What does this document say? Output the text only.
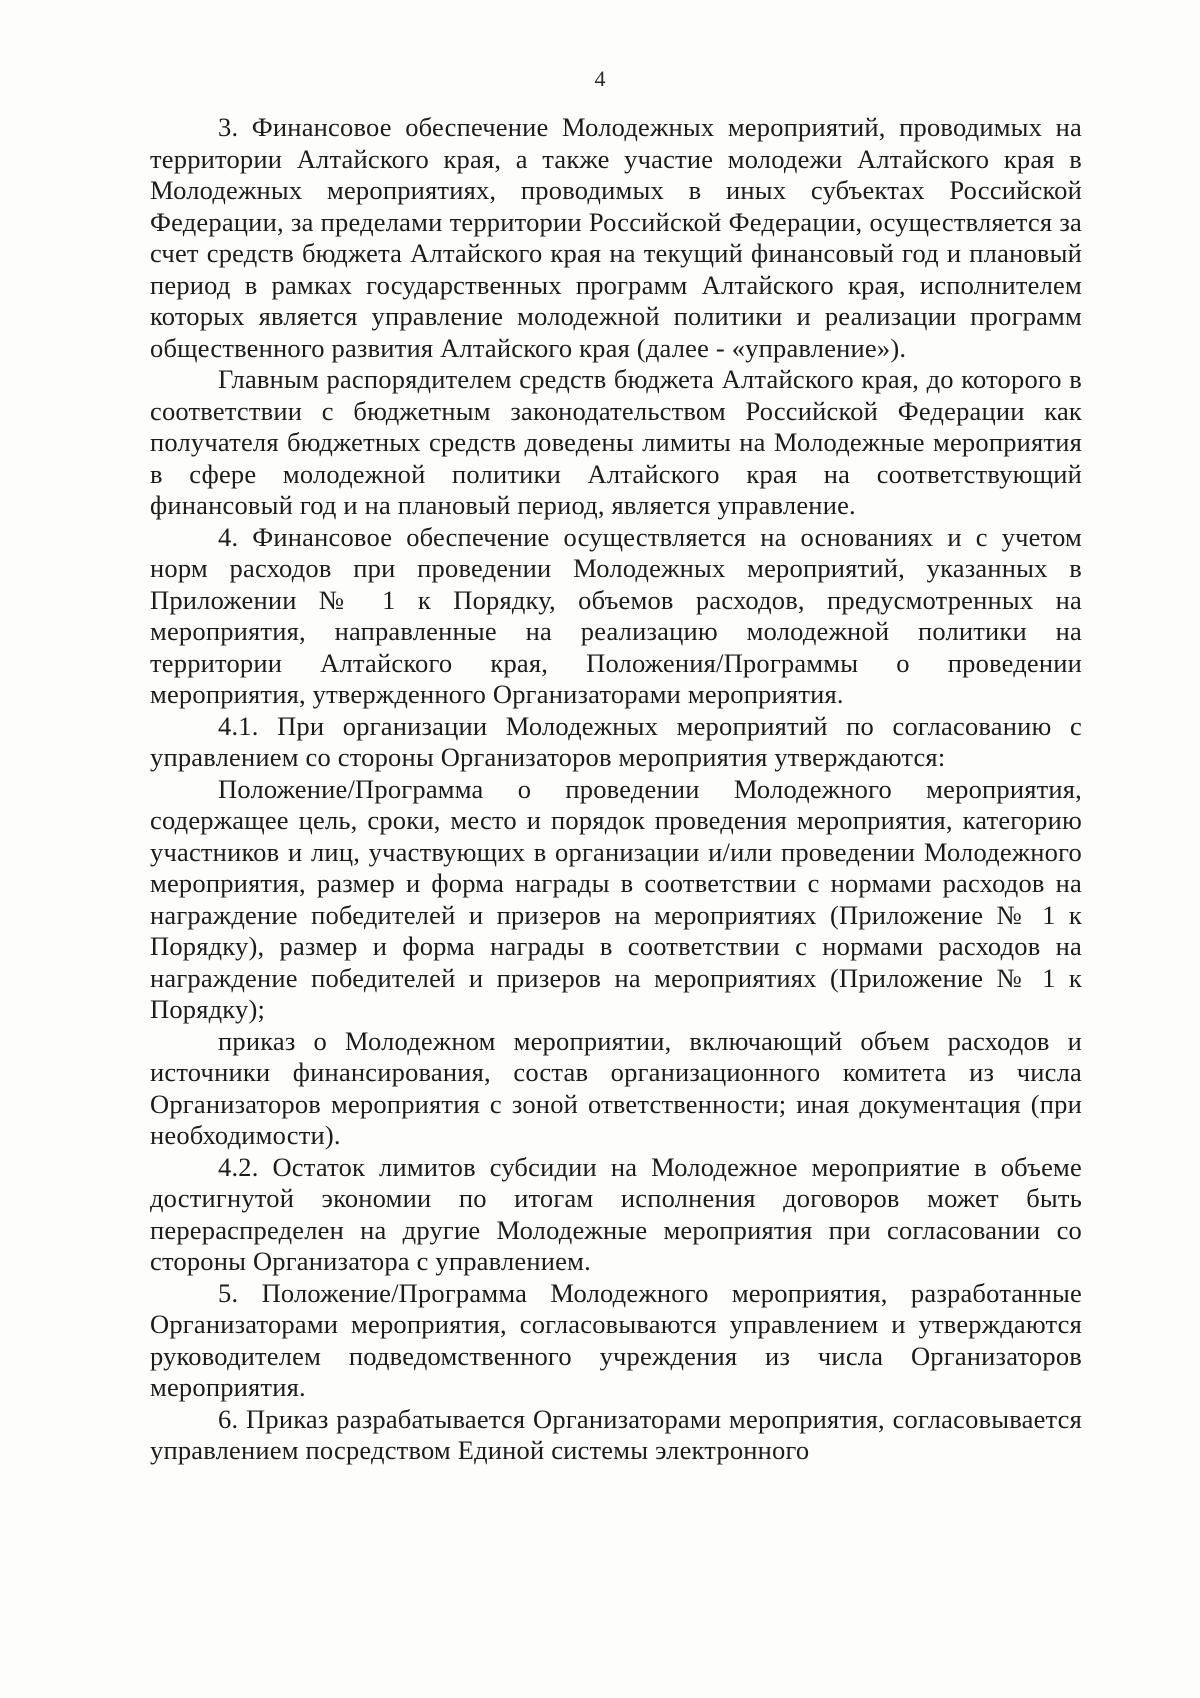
4

3. Финансовое обеспечение Молодежных мероприятий, проводимых на территории Алтайского края, а также участие молодежи Алтайского края в Молодежных мероприятиях, проводимых в иных субъектах Российской Федерации, за пределами территории Российской Федерации, осуществляется за счет средств бюджета Алтайского края на текущий финансовый год и плановый период в рамках государственных программ Алтайского края, исполнителем которых является управление молодежной политики и реализации программ общественного развития Алтайского края (далее - «управление»).

Главным распорядителем средств бюджета Алтайского края, до которого в соответствии с бюджетным законодательством Российской Федерации как получателя бюджетных средств доведены лимиты на Молодежные мероприятия в сфере молодежной политики Алтайского края на соответствующий финансовый год и на плановый период, является управление.

4. Финансовое обеспечение осуществляется на основаниях и с учетом норм расходов при проведении Молодежных мероприятий, указанных в Приложении № 1 к Порядку, объемов расходов, предусмотренных на мероприятия, направленные на реализацию молодежной политики на территории Алтайского края, Положения/Программы о проведении мероприятия, утвержденного Организаторами мероприятия.

4.1. При организации Молодежных мероприятий по согласованию с управлением со стороны Организаторов мероприятия утверждаются:

Положение/Программа о проведении Молодежного мероприятия, содержащее цель, сроки, место и порядок проведения мероприятия, категорию участников и лиц, участвующих в организации и/или проведении Молодежного мероприятия, размер и форма награды в соответствии с нормами расходов на награждение победителей и призеров на мероприятиях (Приложение № 1 к Порядку), размер и форма награды в соответствии с нормами расходов на награждение победителей и призеров на мероприятиях (Приложение № 1 к Порядку);

приказ о Молодежном мероприятии, включающий объем расходов и источники финансирования, состав организационного комитета из числа Организаторов мероприятия с зоной ответственности; иная документация (при необходимости).

4.2. Остаток лимитов субсидии на Молодежное мероприятие в объеме достигнутой экономии по итогам исполнения договоров может быть перераспределен на другие Молодежные мероприятия при согласовании со стороны Организатора с управлением.

5. Положение/Программа Молодежного мероприятия, разработанные Организаторами мероприятия, согласовываются управлением и утверждаются руководителем подведомственного учреждения из числа Организаторов мероприятия.

6. Приказ разрабатывается Организаторами мероприятия, согласовывается управлением посредством Единой системы электронного
